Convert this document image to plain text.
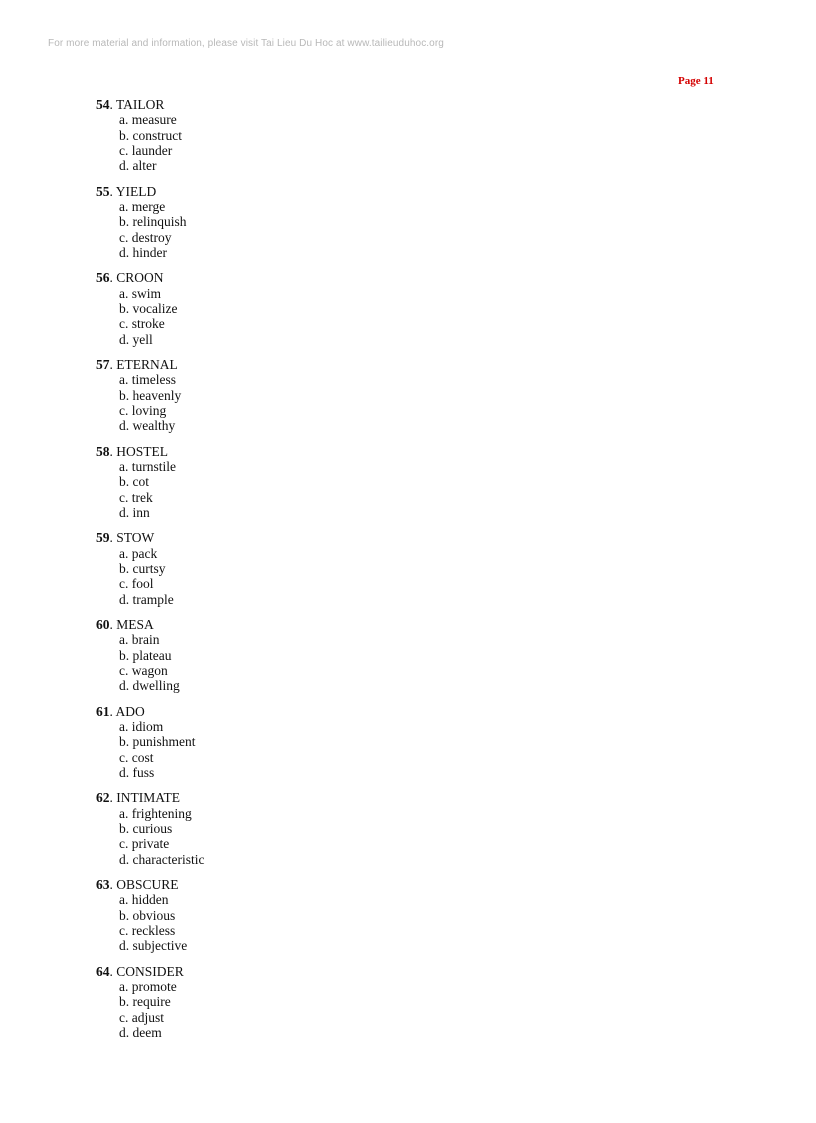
For more material and information, please visit Tai Lieu Du Hoc at www.tailieuduhoc.org
Page 11
54. TAILOR
a. measure
b. construct
c. launder
d. alter
55. YIELD
a. merge
b. relinquish
c. destroy
d. hinder
56. CROON
a. swim
b. vocalize
c. stroke
d. yell
57. ETERNAL
a. timeless
b. heavenly
c. loving
d. wealthy
58. HOSTEL
a. turnstile
b. cot
c. trek
d. inn
59. STOW
a. pack
b. curtsy
c. fool
d. trample
60. MESA
a. brain
b. plateau
c. wagon
d. dwelling
61. ADO
a. idiom
b. punishment
c. cost
d. fuss
62. INTIMATE
a. frightening
b. curious
c. private
d. characteristic
63. OBSCURE
a. hidden
b. obvious
c. reckless
d. subjective
64. CONSIDER
a. promote
b. require
c. adjust
d. deem
